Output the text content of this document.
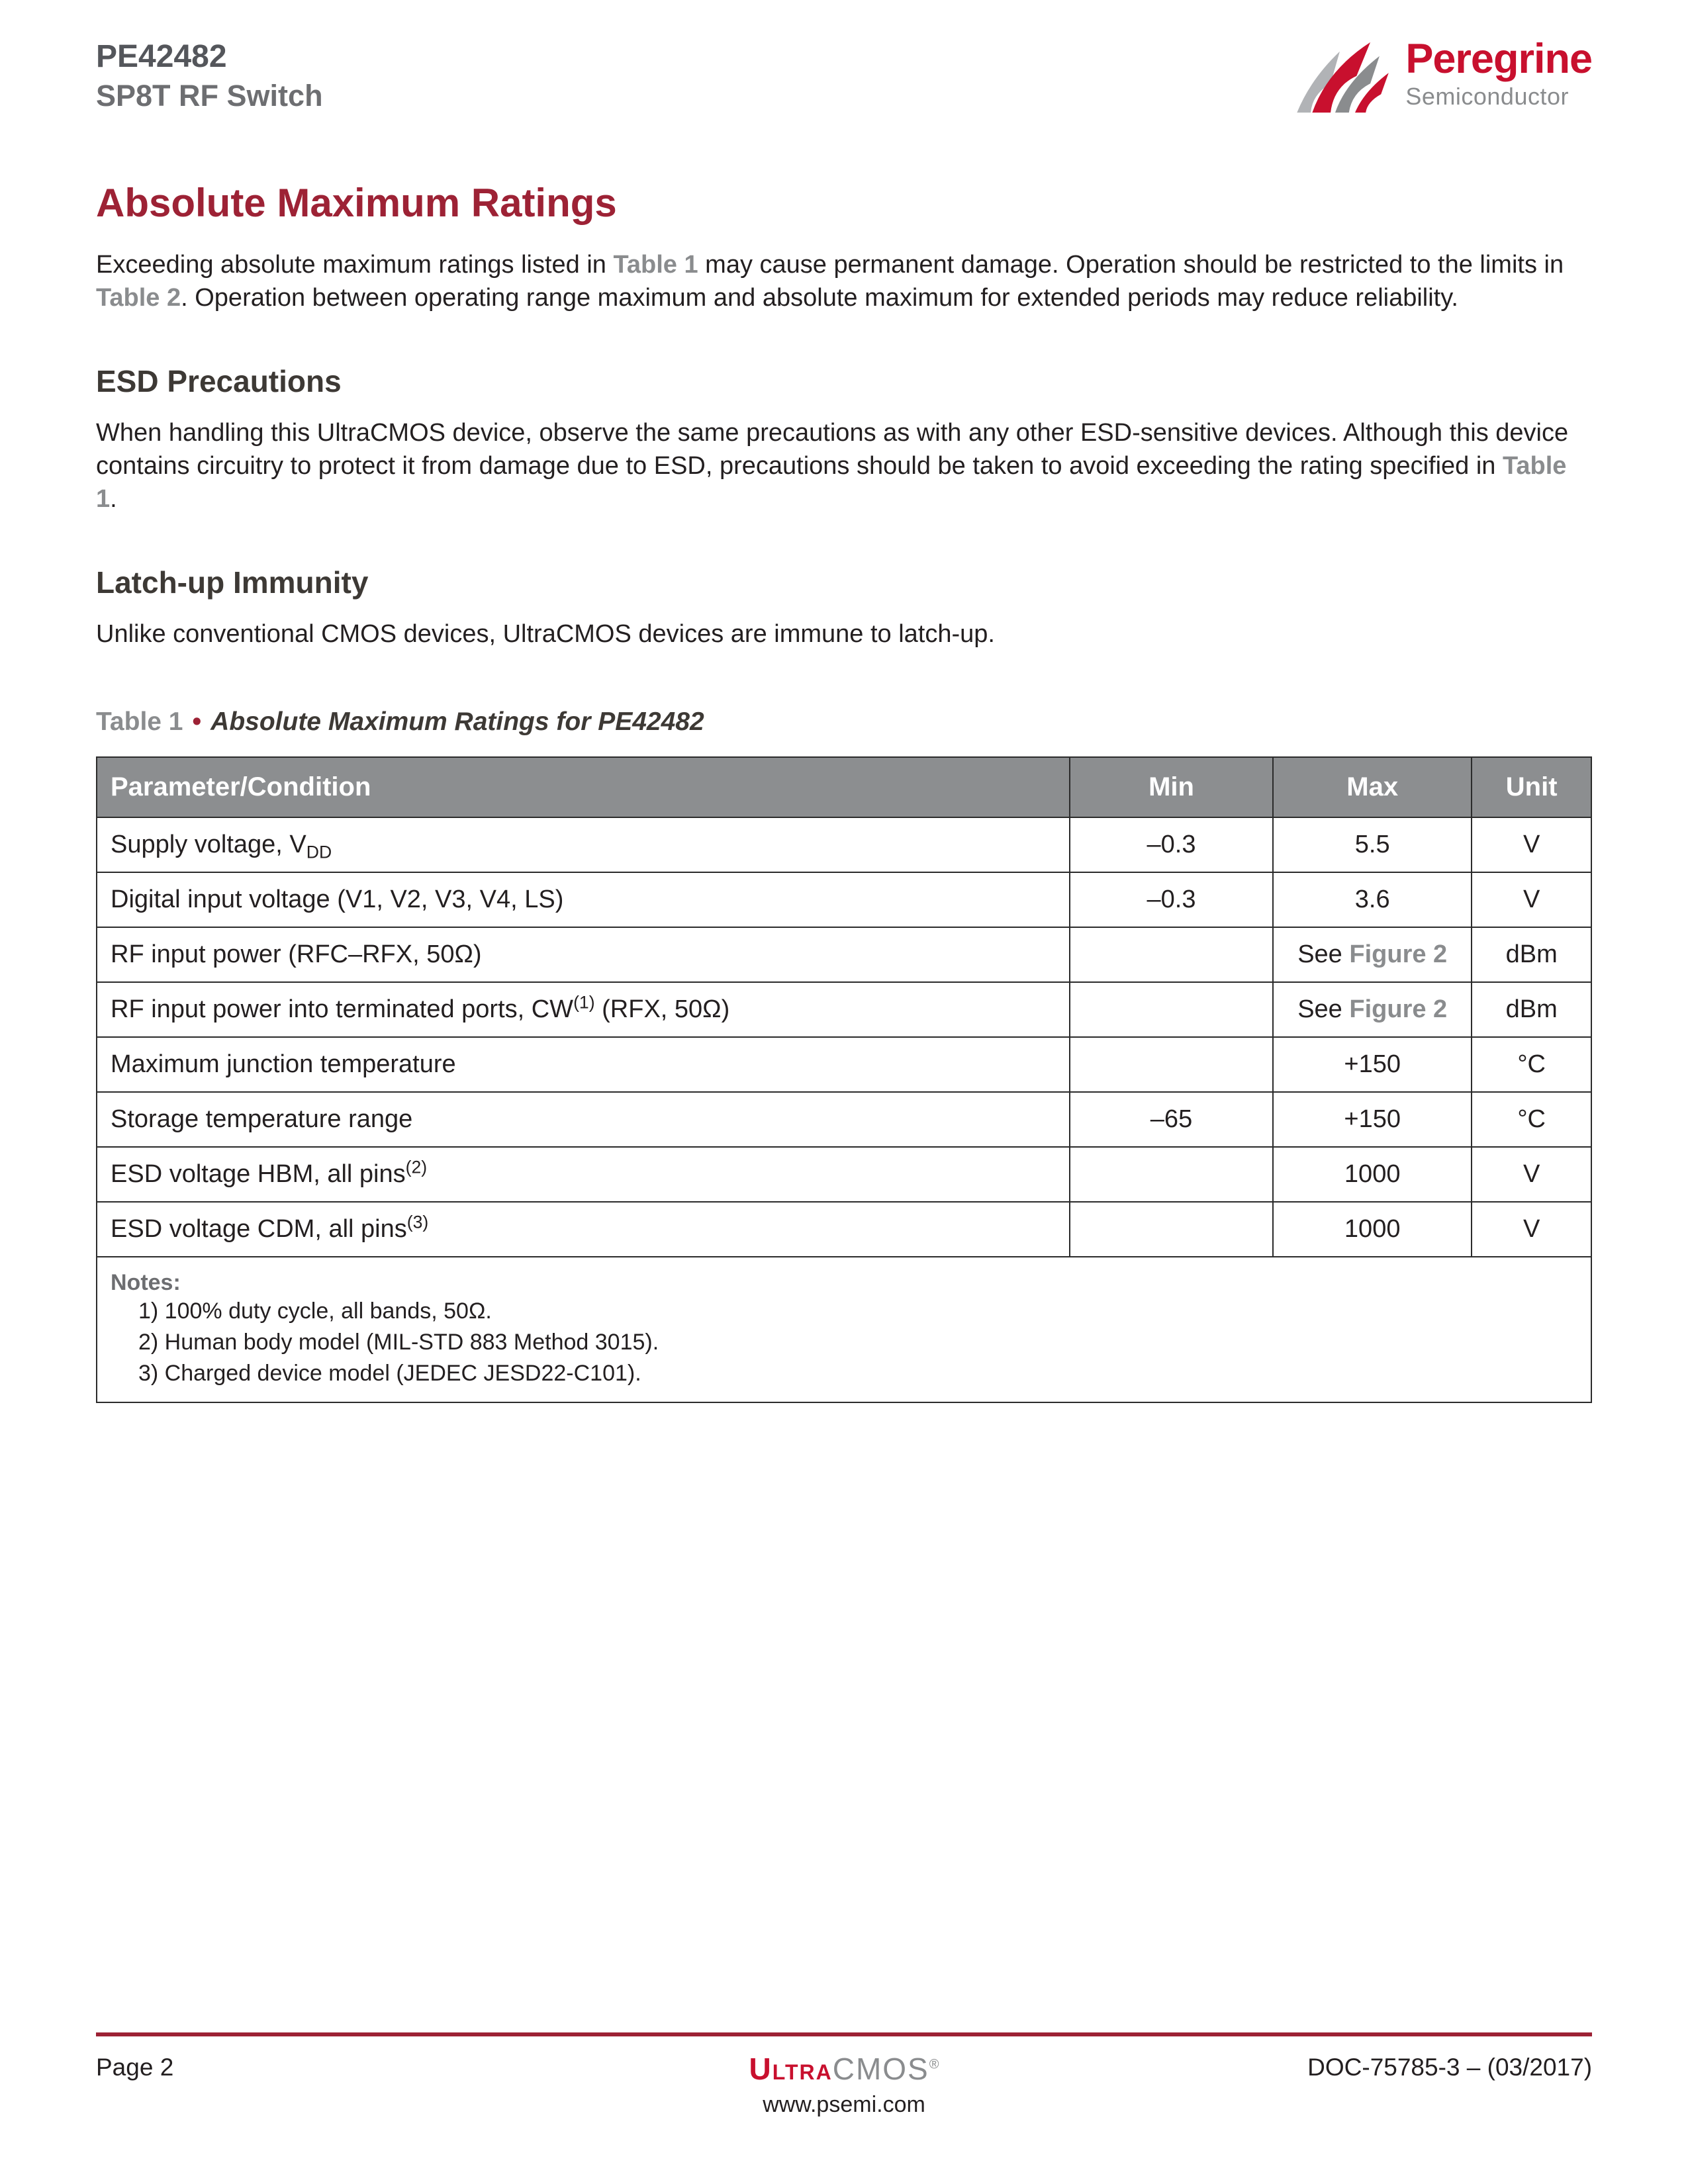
PE42482
SP8T RF Switch
Peregrine
Semiconductor
Absolute Maximum Ratings

Exceeding absolute maximum ratings listed in Table 1 may cause permanent damage. Operation should be restricted to the limits in Table 2. Operation between operating range maximum and absolute maximum for extended periods may reduce reliability.

ESD Precautions

When handling this UltraCMOS device, observe the same precautions as with any other ESD-sensitive devices. Although this device contains circuitry to protect it from damage due to ESD, precautions should be taken to avoid exceeding the rating specified in Table 1.

Latch-up Immunity

Unlike conventional CMOS devices, UltraCMOS devices are immune to latch-up.

Table 1 • Absolute Maximum Ratings for PE42482
Parameter/Condition	Min	Max	Unit
Supply voltage, $V_{DD}$	–0.3	5.5	V
Digital input voltage (V1, V2, V3, V4, LS)	–0.3	3.6	V
RF input power (RFC–RFX, 50Ω)		See Figure 2	dBm
RF input power into terminated ports, CW$^{(1)}$ (RFX, 50Ω)		See Figure 2	dBm
Maximum junction temperature		+150	°C
Storage temperature range	–65	+150	°C
ESD voltage HBM, all pins$^{(2)}$		1000	V
ESD voltage CDM, all pins$^{(3)}$		1000	V

Notes:
1) 100% duty cycle, all bands, 50Ω.
2) Human body model (MIL-STD 883 Method 3015).
3) Charged device model (JEDEC JESD22-C101).			
Page 2	UltraCMOS®
www.psemi.com
DOC-75785-3 – (03/2017)
